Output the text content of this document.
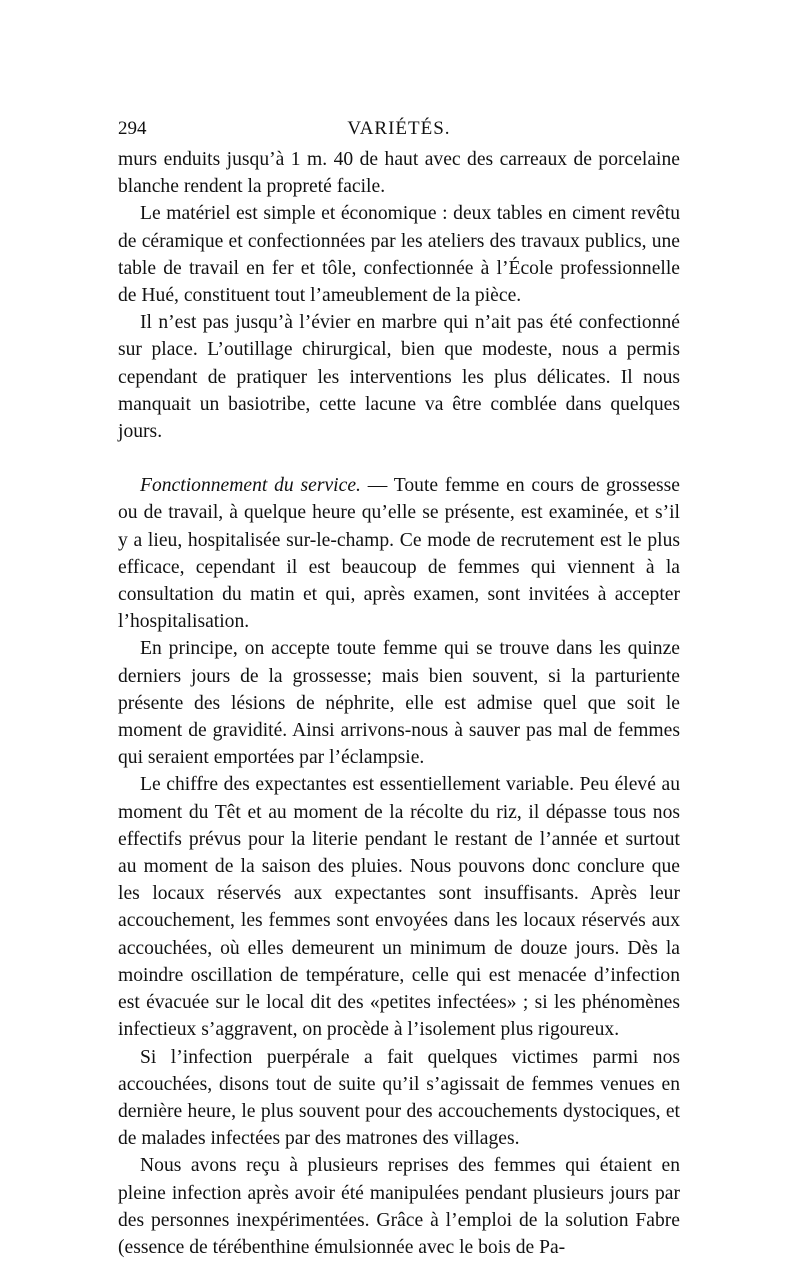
294	VARIÉTÉS.

murs enduits jusqu’à 1 m. 40 de haut avec des carreaux de porcelaine blanche rendent la propreté facile.

Le matériel est simple et économique : deux tables en ciment revêtu de céramique et confectionnées par les ateliers des travaux publics, une table de travail en fer et tôle, confectionnée à l’École professionnelle de Hué, constituent tout l’ameublement de la pièce.

Il n’est pas jusqu’à l’évier en marbre qui n’ait pas été confectionné sur place. L’outillage chirurgical, bien que modeste, nous a permis cependant de pratiquer les interventions les plus délicates. Il nous manquait un basiotribe, cette lacune va être comblée dans quelques jours.

Fonctionnement du service. — Toute femme en cours de grossesse ou de travail, à quelque heure qu’elle se présente, est examinée, et s’il y a lieu, hospitalisée sur-le-champ. Ce mode de recrutement est le plus efficace, cependant il est beaucoup de femmes qui viennent à la consultation du matin et qui, après examen, sont invitées à accepter l’hospitalisation.

En principe, on accepte toute femme qui se trouve dans les quinze derniers jours de la grossesse; mais bien souvent, si la parturiente présente des lésions de néphrite, elle est admise quel que soit le moment de gravidité. Ainsi arrivons-nous à sauver pas mal de femmes qui seraient emportées par l’éclampsie.

Le chiffre des expectantes est essentiellement variable. Peu élevé au moment du Têt et au moment de la récolte du riz, il dépasse tous nos effectifs prévus pour la literie pendant le restant de l’année et surtout au moment de la saison des pluies. Nous pouvons donc conclure que les locaux réservés aux expectantes sont insuffisants. Après leur accouchement, les femmes sont envoyées dans les locaux réservés aux accouchées, où elles demeurent un minimum de douze jours. Dès la moindre oscillation de température, celle qui est menacée d’infection est évacuée sur le local dit des «petites infectées» ; si les phénomènes infectieux s’aggravent, on procède à l’isolement plus rigoureux.

Si l’infection puerpérale a fait quelques victimes parmi nos accouchées, disons tout de suite qu’il s’agissait de femmes venues en dernière heure, le plus souvent pour des accouchements dystociques, et de malades infectées par des matrones des villages.

Nous avons reçu à plusieurs reprises des femmes qui étaient en pleine infection après avoir été manipulées pendant plusieurs jours par des personnes inexpérimentées. Grâce à l’emploi de la solution Fabre (essence de térébenthine émulsionnée avec le bois de Pa-
